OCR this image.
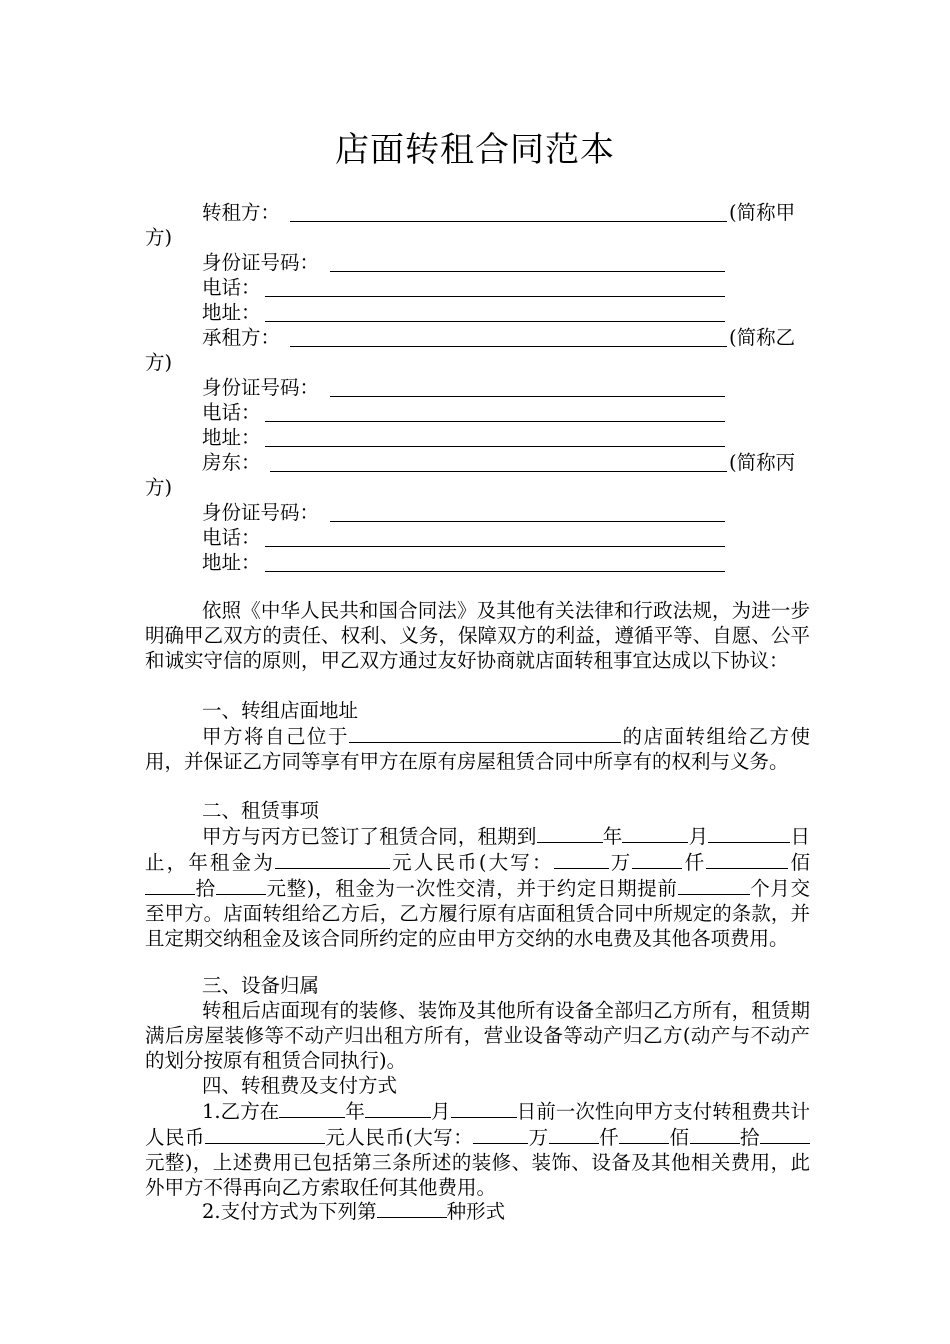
店面转租合同范本
转租方：	(简称甲
方)
身份证号码：
电话：
地址：
承租方：	(简称乙
方)
身份证号码：
电话：
地址：
房东：	(简称丙
方)
身份证号码：
电话：
地址：
依照《中华人民共和国合同法》及其他有关法律和行政法规，为进一步明确甲乙双方的责任、权利、义务，保障双方的利益，遵循平等、自愿、公平和诚实守信的原则，甲乙双方通过友好协商就店面转租事宜达成以下协议：
一、转组店面地址
甲方将自己位于	的店面转组给乙方使用，并保证乙方同等享有甲方在原有房屋租赁合同中所享有的权利与义务。
二、租赁事项
甲方与丙方已签订了租赁合同，租期到	年	月	日止，年租金为	元人民币(大写：	万	仟	佰拾	元整)，租金为一次性交清，并于约定日期提前	个月交至甲方。店面转组给乙方后，乙方履行原有店面租赁合同中所规定的条款，并且定期交纳租金及该合同所约定的应由甲方交纳的水电费及其他各项费用。
三、设备归属
转租后店面现有的装修、装饰及其他所有设备全部归乙方所有，租赁期满后房屋装修等不动产归出租方所有，营业设备等动产归乙方(动产与不动产的划分按原有租赁合同执行)。
四、转租费及支付方式
1.乙方在	年	月	日前一次性向甲方支付转租费共计人民币	元人民币(大写：	万	仟	佰	拾元整)，上述费用已包括第三条所述的装修、装饰、设备及其他相关费用，此外甲方不得再向乙方索取任何其他费用。
2.支付方式为下列第	种形式
